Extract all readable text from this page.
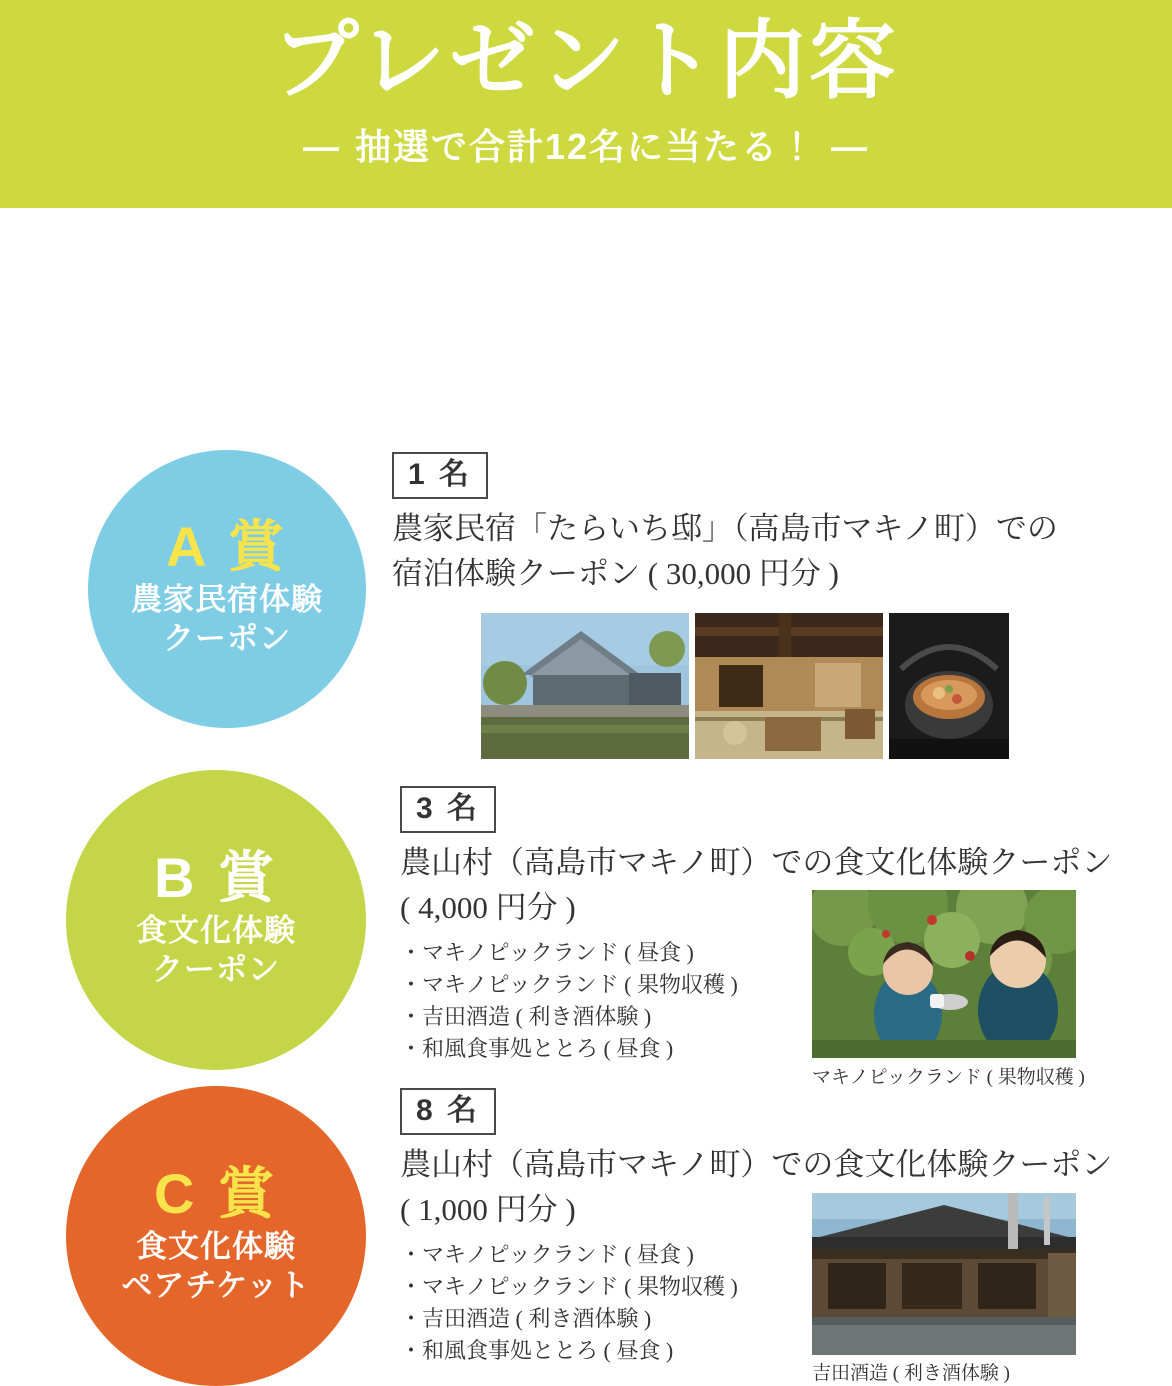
プレゼント内容
― 抽選で合計12名に当たる！ ―
A 賞
農家民宿体験
クーポン
1 名
農家民宿「たらいち邸」（高島市マキノ町）での
宿泊体験クーポン ( 30,000 円分 )
B 賞
食文化体験
クーポン
3 名
農山村（高島市マキノ町）での食文化体験クーポン
( 4,000 円分 )
・マキノピックランド ( 昼食 )
・マキノピックランド ( 果物収穫 )
・吉田酒造 ( 利き酒体験 )
・和風食事処ととろ ( 昼食 )
マキノピックランド ( 果物収穫 )
C 賞
食文化体験
ペアチケット
8 名
農山村（高島市マキノ町）での食文化体験クーポン
( 1,000 円分 )
・マキノピックランド ( 昼食 )
・マキノピックランド ( 果物収穫 )
・吉田酒造 ( 利き酒体験 )
・和風食事処ととろ ( 昼食 )
吉田酒造 ( 利き酒体験 )
